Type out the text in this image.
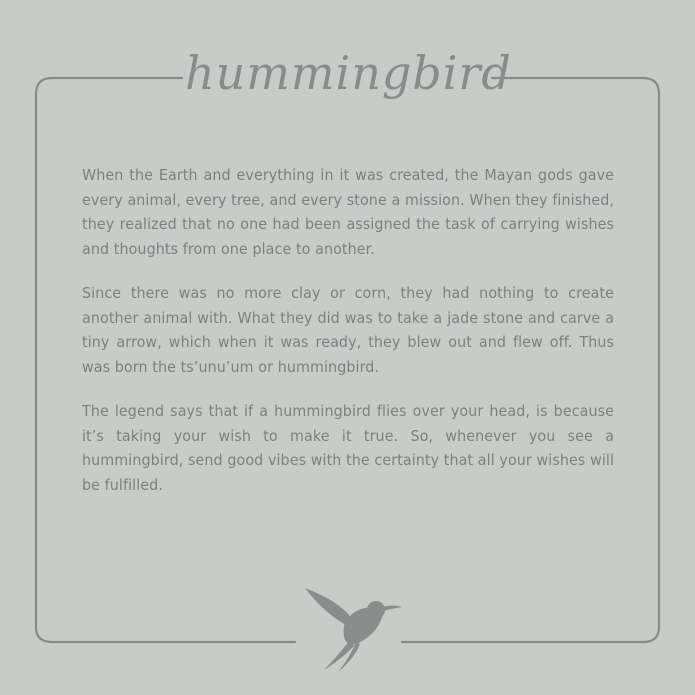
hummingbird

When the Earth and everything in it was created, the Mayan gods gave every animal, every tree, and every stone a mission. When they finished, they realized that no one had been assigned the task of carrying wishes and thoughts from one place to another.

Since there was no more clay or corn, they had nothing to create another animal with. What they did was to take a jade stone and carve a tiny arrow, which when it was ready, they blew out and flew off. Thus was born the ts’unu’um or hummingbird.

The legend says that if a hummingbird flies over your head, is because it’s taking your wish to make it true. So, whenever you see a hummingbird, send good vibes with the certainty that all your wishes will be fulfilled.
